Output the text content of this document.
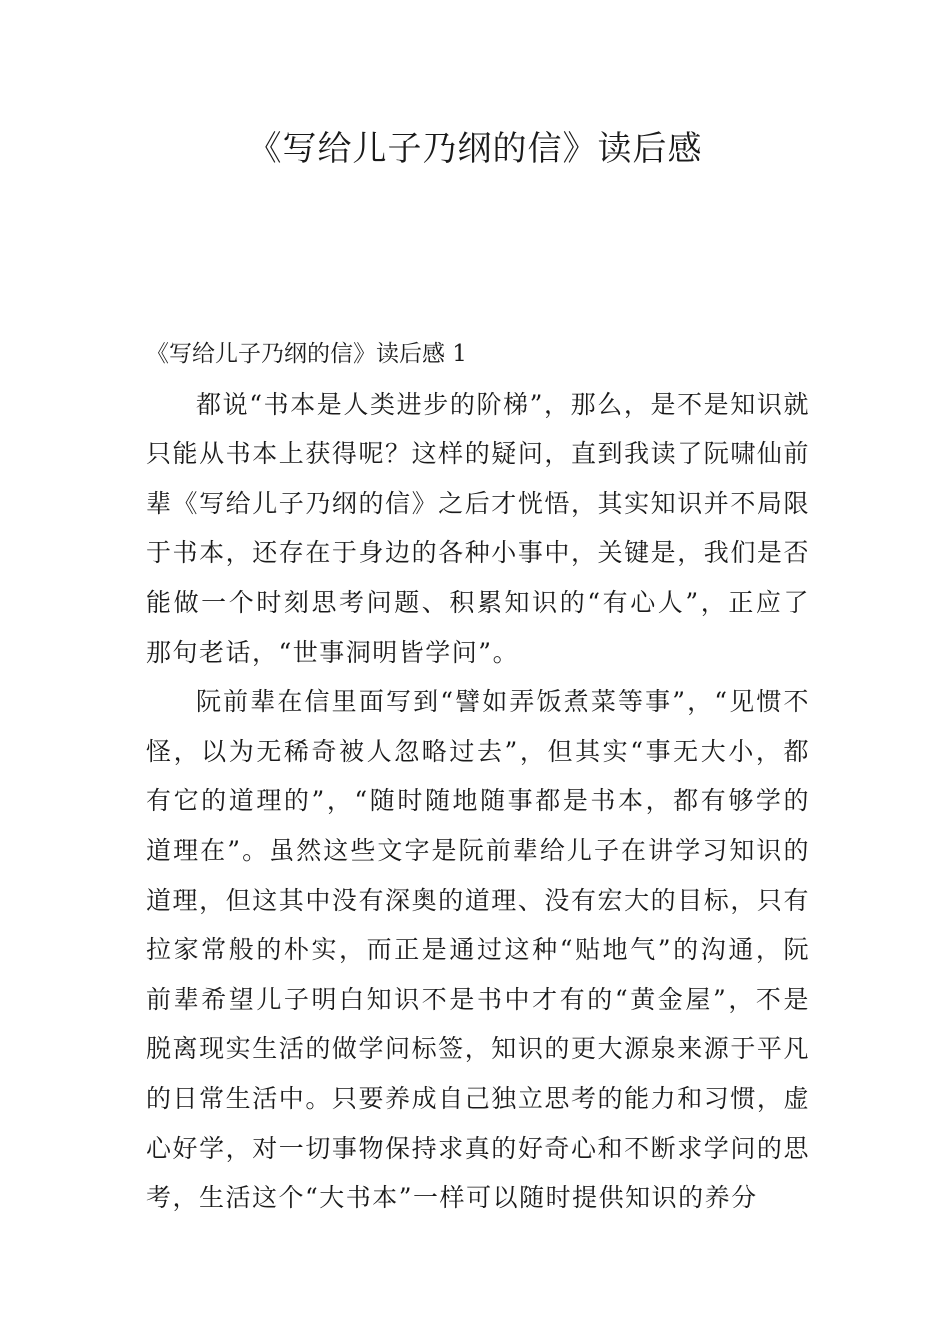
《写给儿子乃纲的信》读后感
《写给儿子乃纲的信》读后感 1

都说“书本是人类进步的阶梯”，那么，是不是知识就只能从书本上获得呢？这样的疑问，直到我读了阮啸仙前辈《写给儿子乃纲的信》之后才恍悟，其实知识并不局限于书本，还存在于身边的各种小事中，关键是，我们是否能做一个时刻思考问题、积累知识的“有心人”，正应了那句老话，“世事洞明皆学问”。

阮前辈在信里面写到“譬如弄饭煮菜等事”，“见惯不怪，以为无稀奇被人忽略过去”，但其实“事无大小，都有它的道理的”，“随时随地随事都是书本，都有够学的道理在”。虽然这些文字是阮前辈给儿子在讲学习知识的道理，但这其中没有深奥的道理、没有宏大的目标，只有拉家常般的朴实，而正是通过这种“贴地气”的沟通，阮前辈希望儿子明白知识不是书中才有的“黄金屋”，不是脱离现实生活的做学问标签，知识的更大源泉来源于平凡的日常生活中。只要养成自己独立思考的能力和习惯，虚心好学，对一切事物保持求真的好奇心和不断求学问的思考，生活这个“大书本”一样可以随时提供知识的养分
